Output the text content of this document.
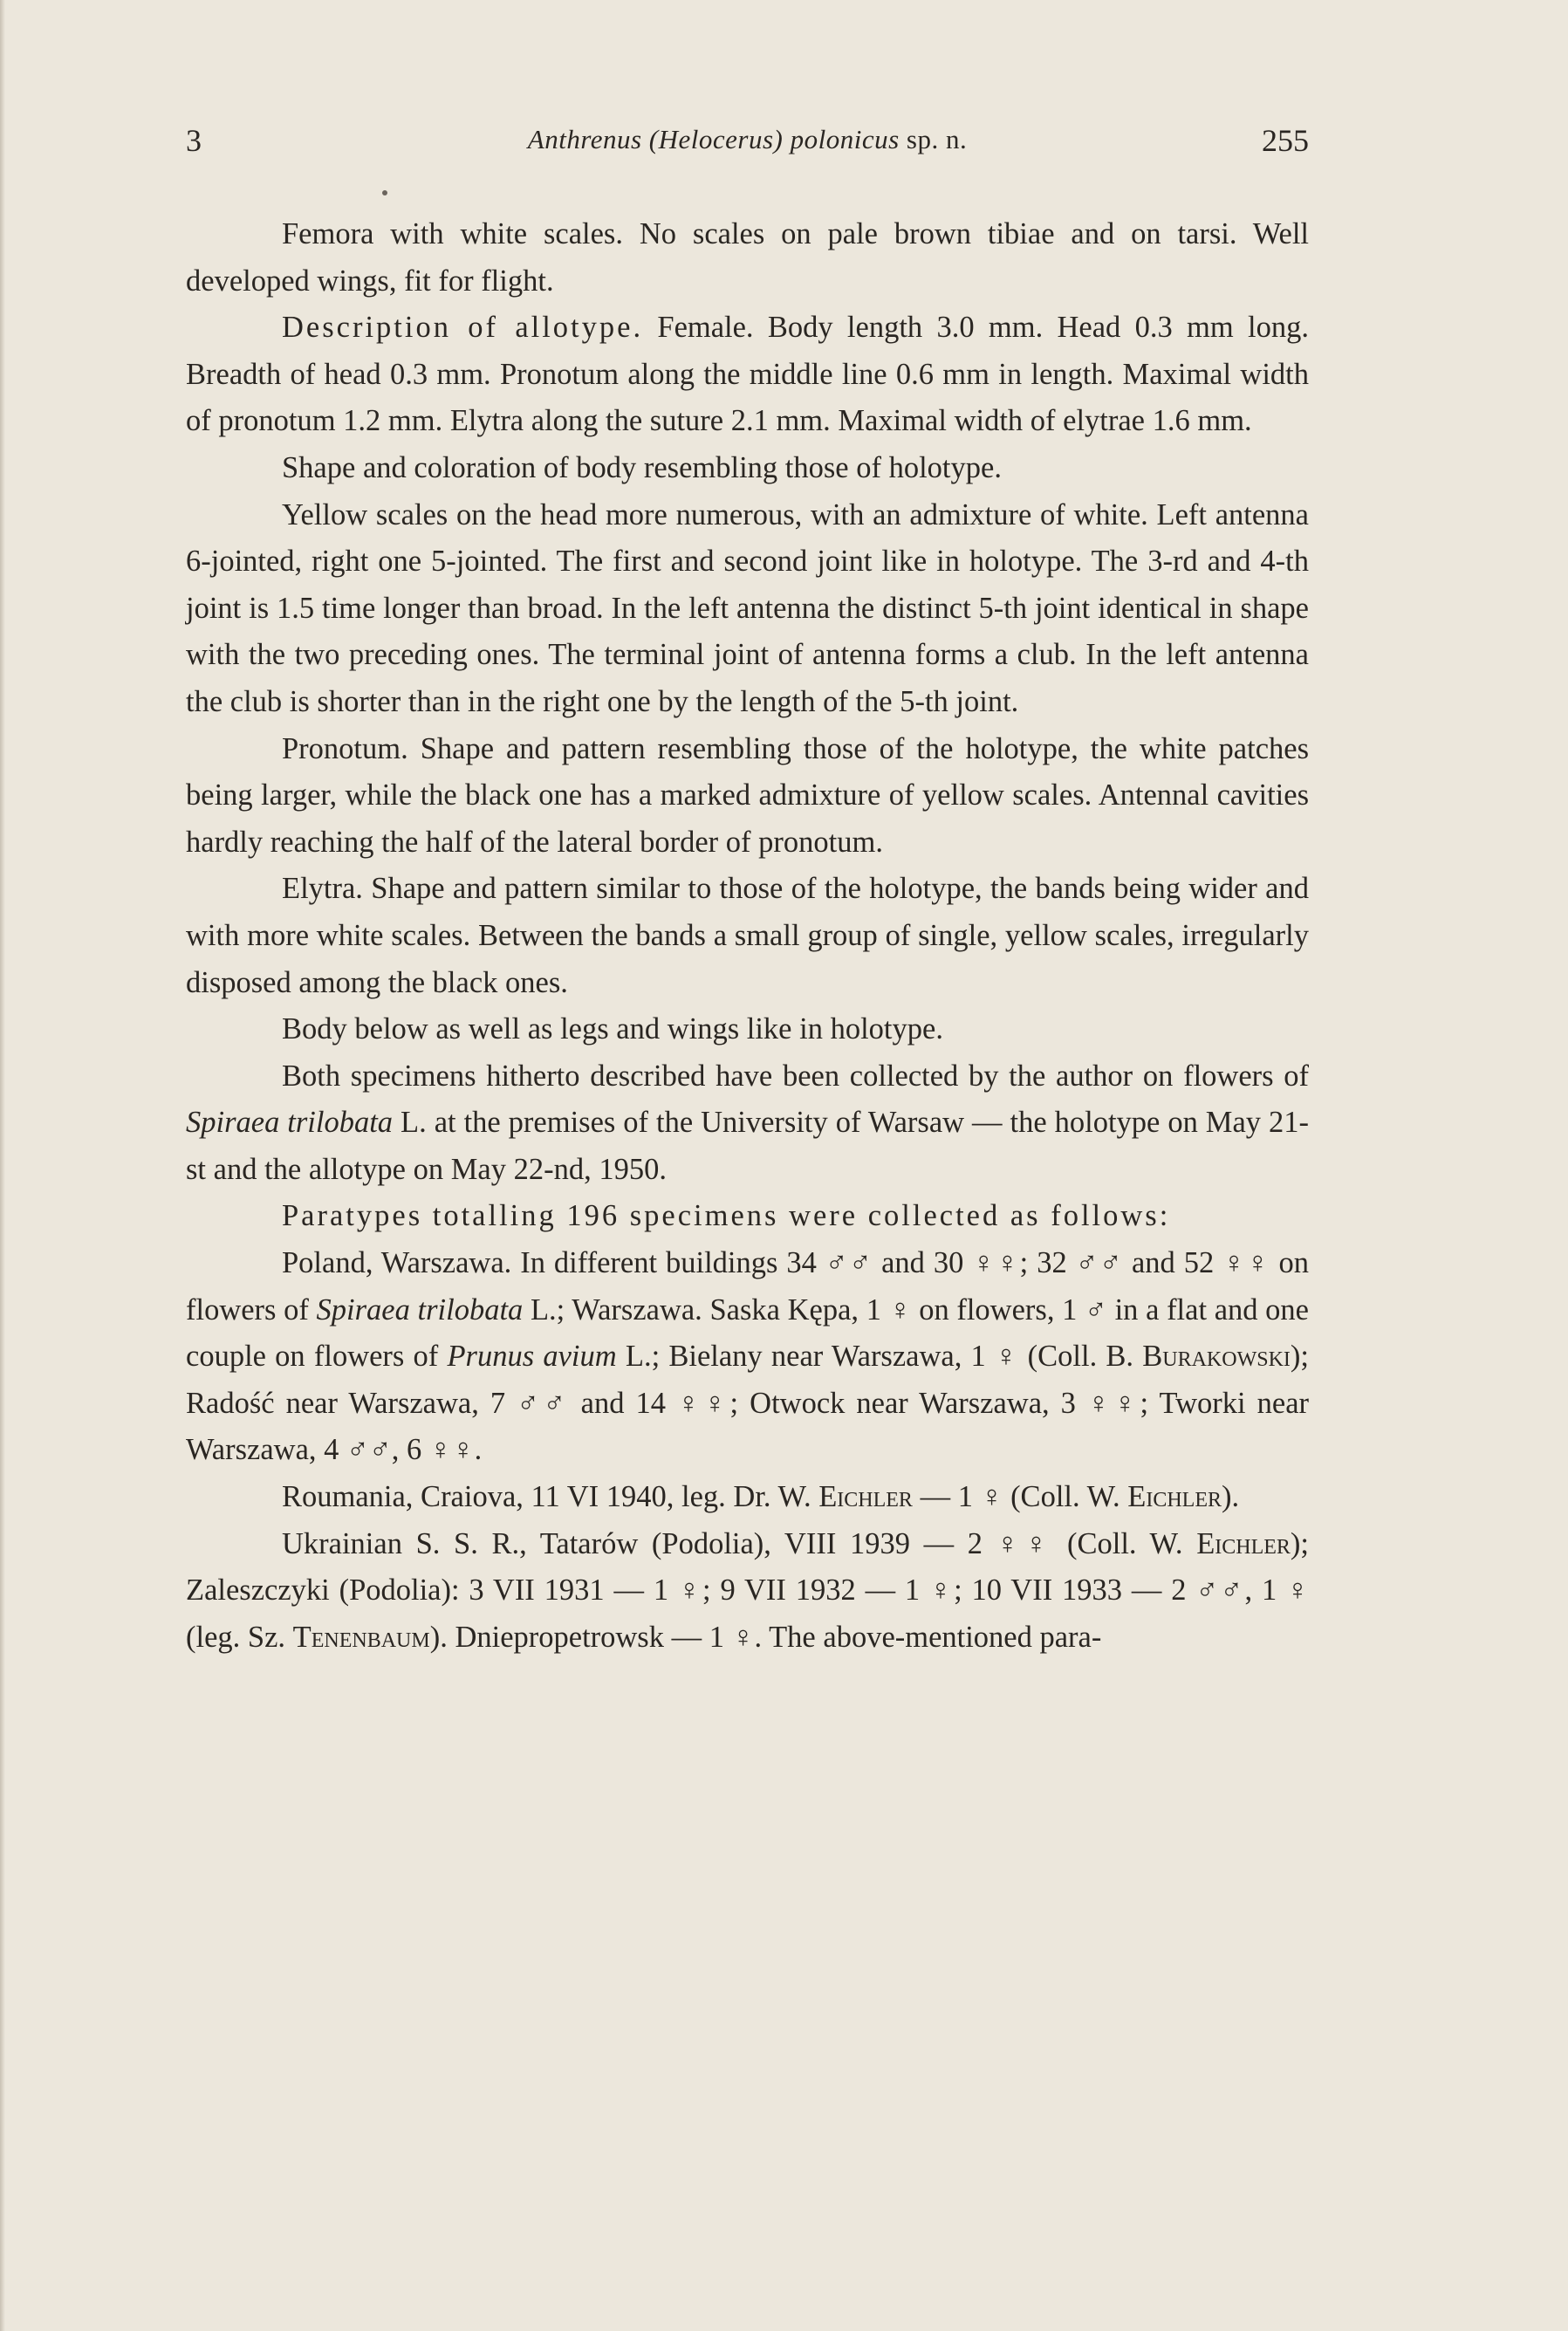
3	Anthrenus (Helocerus) polonicus sp. n.	255

Femora with white scales. No scales on pale brown tibiae and on tarsi. Well developed wings, fit for flight.

Description of allotype. Female. Body length 3.0 mm. Head 0.3 mm long. Breadth of head 0.3 mm. Pronotum along the middle line 0.6 mm in length. Maximal width of pronotum 1.2 mm. Elytra along the suture 2.1 mm. Maximal width of elytrae 1.6 mm.

Shape and coloration of body resembling those of holotype.

Yellow scales on the head more numerous, with an admixture of white. Left antenna 6-jointed, right one 5-jointed. The first and second joint like in holotype. The 3-rd and 4-th joint is 1.5 time longer than broad. In the left antenna the distinct 5-th joint identical in shape with the two preceding ones. The terminal joint of antenna forms a club. In the left antenna the club is shorter than in the right one by the length of the 5-th joint.

Pronotum. Shape and pattern resembling those of the holotype, the white patches being larger, while the black one has a marked admixture of yellow scales. Antennal cavities hardly reaching the half of the lateral border of pronotum.

Elytra. Shape and pattern similar to those of the holotype, the bands being wider and with more white scales. Between the bands a small group of single, yellow scales, irregularly disposed among the black ones.

Body below as well as legs and wings like in holotype.

Both specimens hitherto described have been collected by the author on flowers of Spiraea trilobata L. at the premises of the University of Warsaw — the holotype on May 21-st and the allotype on May 22-nd, 1950.

Paratypes totalling 196 specimens were collected as follows:

Poland, Warszawa. In different buildings 34 ♂♂ and 30 ♀♀; 32 ♂♂ and 52 ♀♀ on flowers of Spiraea trilobata L.; Warszawa. Saska Kępa, 1 ♀ on flowers, 1 ♂ in a flat and one couple on flowers of Prunus avium L.; Bielany near Warszawa, 1 ♀ (Coll. B. Burakowski); Radość near Warszawa, 7 ♂♂ and 14 ♀♀; Otwock near Warszawa, 3 ♀♀; Tworki near Warszawa, 4 ♂♂, 6 ♀♀.

Roumania, Craiova, 11 VI 1940, leg. Dr. W. Eichler — 1 ♀ (Coll. W. Eichler).

Ukrainian S. S. R., Tatarów (Podolia), VIII 1939 — 2 ♀♀ (Coll. W. Eichler); Zaleszczyki (Podolia): 3 VII 1931 — 1 ♀; 9 VII 1932 — 1 ♀; 10 VII 1933 — 2 ♂♂, 1 ♀ (leg. Sz. Tenenbaum). Dniepropetrowsk — 1 ♀. The above-mentioned para-
